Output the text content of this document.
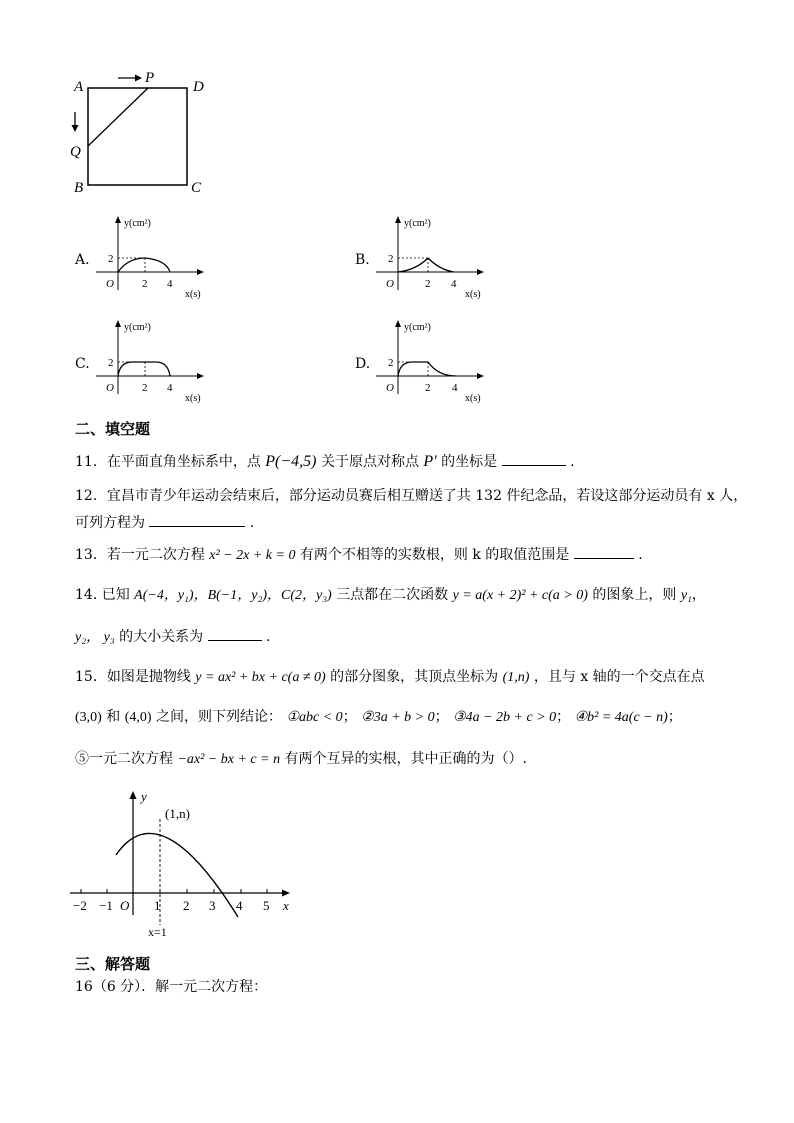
A
P
D
Q
B	C
A.	B.
C.	D.
y(cm²)
2
O	2 4
x(s)
y(cm²)
2
O	2 4
x(s)
y(cm²)
2
O	2 4
x(s)
y(cm²)
2
O	2 4
x(s)
二、填空题
11．在平面直角坐标系中，点 P(−4,5) 关于原点对称点 P′ 的坐标是	.
12．宜昌市青少年运动会结束后，部分运动员赛后相互赠送了共 132 件纪念品，若设这部分运动员有 x 人，
可列方程为	.
13．若一元二次方程 x² − 2x + k = 0 有两个不相等的实数根，则 k 的取值范围是	.
14. 已知 A(−4，y₁)，B(−1，y₂)，C(2，y₃) 三点都在二次函数 y = a(x + 2)² + c(a > 0) 的图象上，则 y₁，
y₂， y₃ 的大小关系为	.
15．如图是抛物线 y = ax² + bx + c(a ≠ 0) 的部分图象，其顶点坐标为 (1,n) ，且与 x 轴的一个交点在点
(3,0) 和 (4,0) 之间，则下列结论： ①abc < 0； ②3a + b > 0； ③4a − 2b + c > 0； ④b² = 4a(c − n)；
⑤一元二次方程 −ax² − bx + c = n 有两个互异的实根，其中正确的为（）.
−2 −1 O 1 2 3 4 5 x
y
(1,n)
x=1
三、解答题
16（6 分）．解一元二次方程：
